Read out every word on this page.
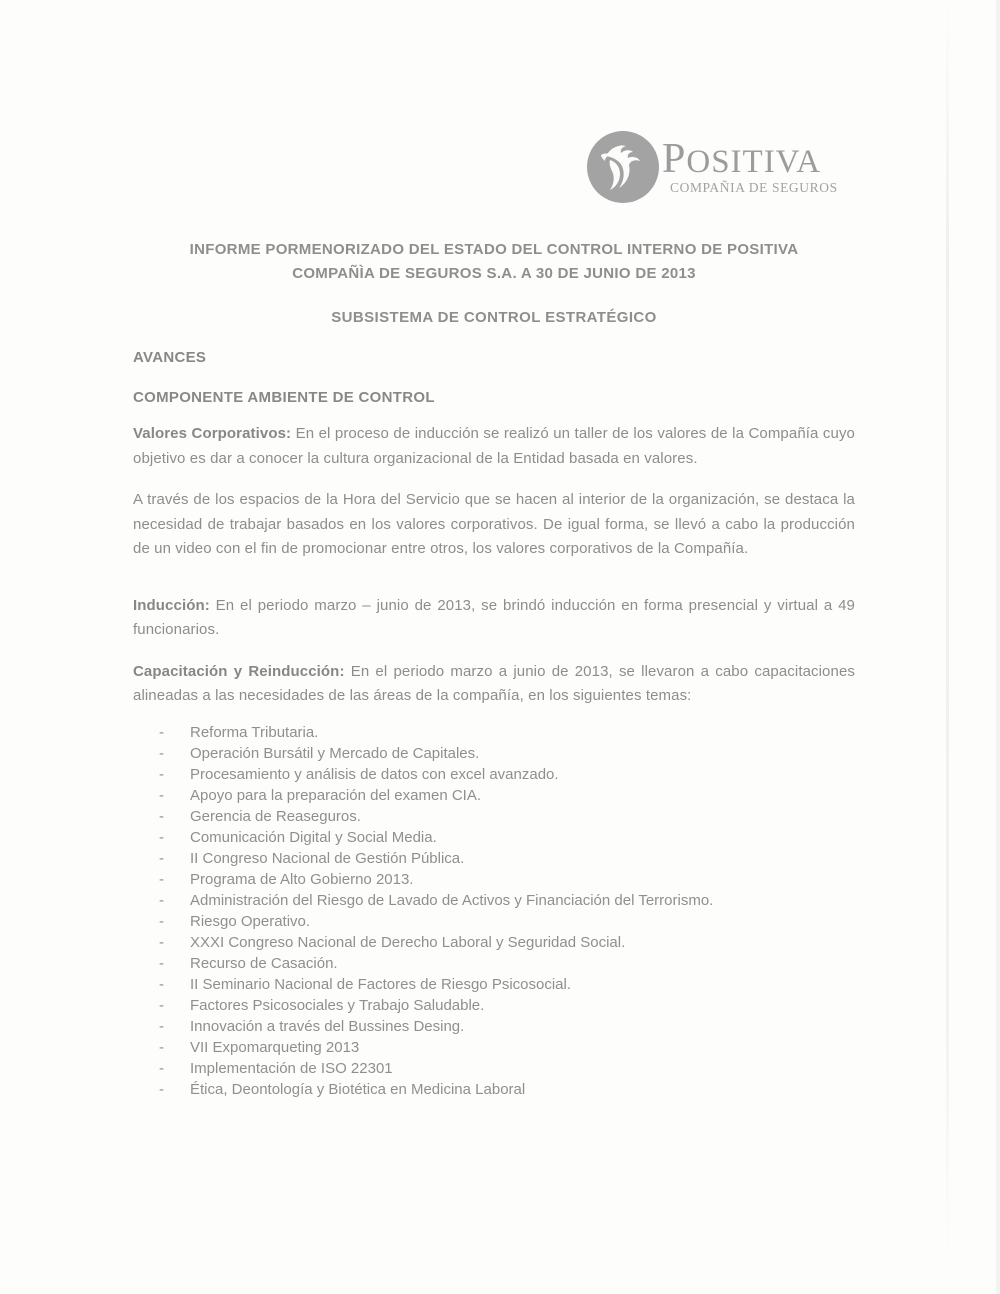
POSITIVA
COMPAÑIA DE SEGUROS
INFORME PORMENORIZADO DEL ESTADO DEL CONTROL INTERNO DE POSITIVA
COMPAÑÌA DE SEGUROS S.A. A 30 DE JUNIO DE 2013
SUBSISTEMA DE CONTROL ESTRATÉGICO
AVANCES
COMPONENTE AMBIENTE DE CONTROL

Valores Corporativos: En el proceso de inducción se realizó un taller de los valores de la Compañía cuyo objetivo es dar a conocer la cultura organizacional de la Entidad basada en valores.

A través de los espacios de la Hora del Servicio que se hacen al interior de la organización, se destaca la necesidad de trabajar basados en los valores corporativos. De igual forma, se llevó a cabo la producción de un video con el fin de promocionar entre otros, los valores corporativos de la Compañía.

Inducción: En el periodo marzo – junio de 2013, se brindó inducción en forma presencial y virtual a 49 funcionarios.

Capacitación y Reinducción: En el periodo marzo a junio de 2013, se llevaron a cabo capacitaciones alineadas a las necesidades de las áreas de la compañía, en los siguientes temas:

- Reforma Tributaria.
- Operación Bursátil y Mercado de Capitales.
- Procesamiento y análisis de datos con excel avanzado.
- Apoyo para la preparación del examen CIA.
- Gerencia de Reaseguros.
- Comunicación Digital y Social Media.
- II Congreso Nacional de Gestión Pública.
- Programa de Alto Gobierno 2013.
- Administración del Riesgo de Lavado de Activos y Financiación del Terrorismo.
- Riesgo Operativo.
- XXXI Congreso Nacional de Derecho Laboral y Seguridad Social.
- Recurso de Casación.
- II Seminario Nacional de Factores de Riesgo Psicosocial.
- Factores Psicosociales y Trabajo Saludable.
- Innovación a través del Bussines Desing.
- VII Expomarqueting 2013
- Implementación de ISO 22301
- Ética, Deontología y Biotética en Medicina Laboral
